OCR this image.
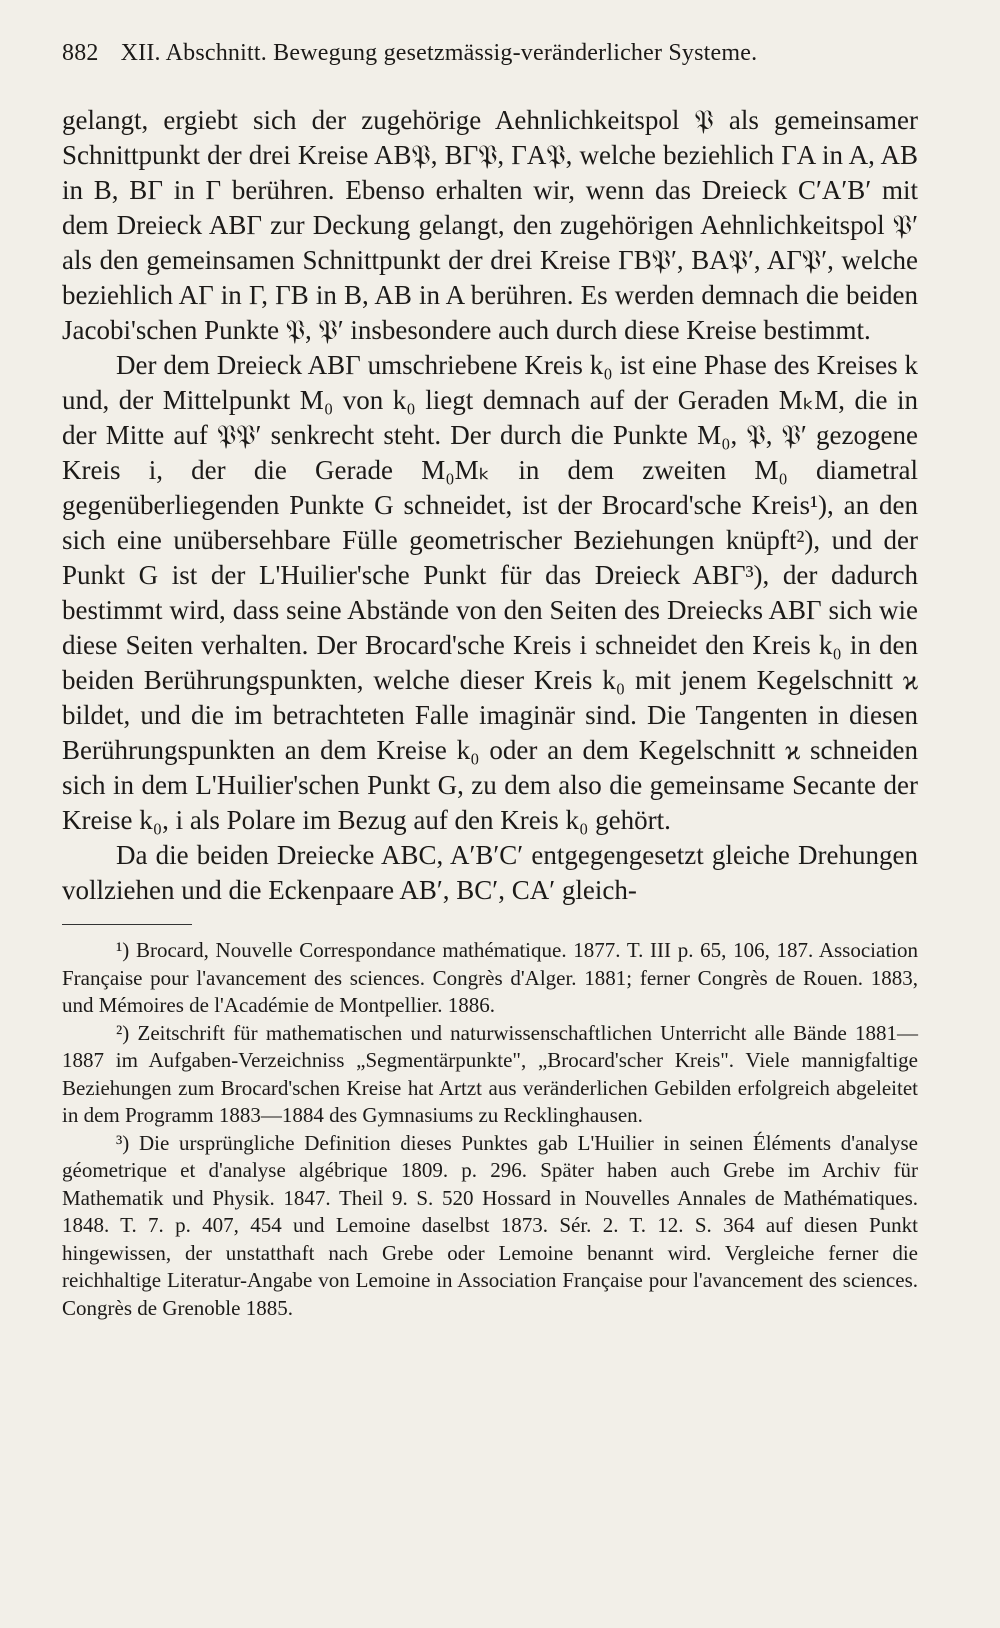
882 XII. Abschnitt. Bewegung gesetzmässig-veränderlicher Systeme.

gelangt, ergiebt sich der zugehörige Aehnlichkeitspol 𝔓 als gemeinsamer Schnittpunkt der drei Kreise AB𝔓, BΓ𝔓, ΓA𝔓, welche beziehlich ΓA in A, AB in B, BΓ in Γ berühren. Ebenso erhalten wir, wenn das Dreieck C′A′B′ mit dem Dreieck ABΓ zur Deckung gelangt, den zugehörigen Aehnlichkeitspol 𝔓′ als den gemeinsamen Schnittpunkt der drei Kreise ΓB𝔓′, BA𝔓′, AΓ𝔓′, welche beziehlich AΓ in Γ, ΓB in B, AB in A berühren. Es werden demnach die beiden Jacobi'schen Punkte 𝔓, 𝔓′ insbesondere auch durch diese Kreise bestimmt.

Der dem Dreieck ABΓ umschriebene Kreis k₀ ist eine Phase des Kreises k und, der Mittelpunkt M₀ von k₀ liegt demnach auf der Geraden MₖM, die in der Mitte auf 𝔓𝔓′ senkrecht steht. Der durch die Punkte M₀, 𝔓, 𝔓′ gezogene Kreis i, der die Gerade M₀Mₖ in dem zweiten M₀ diametral gegenüberliegenden Punkte G schneidet, ist der Brocard'sche Kreis¹), an den sich eine unübersehbare Fülle geometrischer Beziehungen knüpft²), und der Punkt G ist der L'Huilier'sche Punkt für das Dreieck ABΓ³), der dadurch bestimmt wird, dass seine Abstände von den Seiten des Dreiecks ABΓ sich wie diese Seiten verhalten. Der Brocard'sche Kreis i schneidet den Kreis k₀ in den beiden Berührungspunkten, welche dieser Kreis k₀ mit jenem Kegelschnitt ϰ bildet, und die im betrachteten Falle imaginär sind. Die Tangenten in diesen Berührungspunkten an dem Kreise k₀ oder an dem Kegelschnitt ϰ schneiden sich in dem L'Huilier'schen Punkt G, zu dem also die gemeinsame Secante der Kreise k₀, i als Polare im Bezug auf den Kreis k₀ gehört.

Da die beiden Dreiecke ABC, A′B′C′ entgegengesetzt gleiche Drehungen vollziehen und die Eckenpaare AB′, BC′, CA′ gleich-

¹) Brocard, Nouvelle Correspondance mathématique. 1877. T. III p. 65, 106, 187. Association Française pour l'avancement des sciences. Congrès d'Alger. 1881; ferner Congrès de Rouen. 1883, und Mémoires de l'Académie de Montpellier. 1886.

²) Zeitschrift für mathematischen und naturwissenschaftlichen Unterricht alle Bände 1881—1887 im Aufgaben-Verzeichniss „Segmentärpunkte", „Brocard'scher Kreis". Viele mannigfaltige Beziehungen zum Brocard'schen Kreise hat Artzt aus veränderlichen Gebilden erfolgreich abgeleitet in dem Programm 1883—1884 des Gymnasiums zu Recklinghausen.

³) Die ursprüngliche Definition dieses Punktes gab L'Huilier in seinen Éléments d'analyse géometrique et d'analyse algébrique 1809. p. 296. Später haben auch Grebe im Archiv für Mathematik und Physik. 1847. Theil 9. S. 520 Hossard in Nouvelles Annales de Mathématiques. 1848. T. 7. p. 407, 454 und Lemoine daselbst 1873. Sér. 2. T. 12. S. 364 auf diesen Punkt hingewissen, der unstatthaft nach Grebe oder Lemoine benannt wird. Vergleiche ferner die reichhaltige Literatur-Angabe von Lemoine in Association Française pour l'avancement des sciences. Congrès de Grenoble 1885.
